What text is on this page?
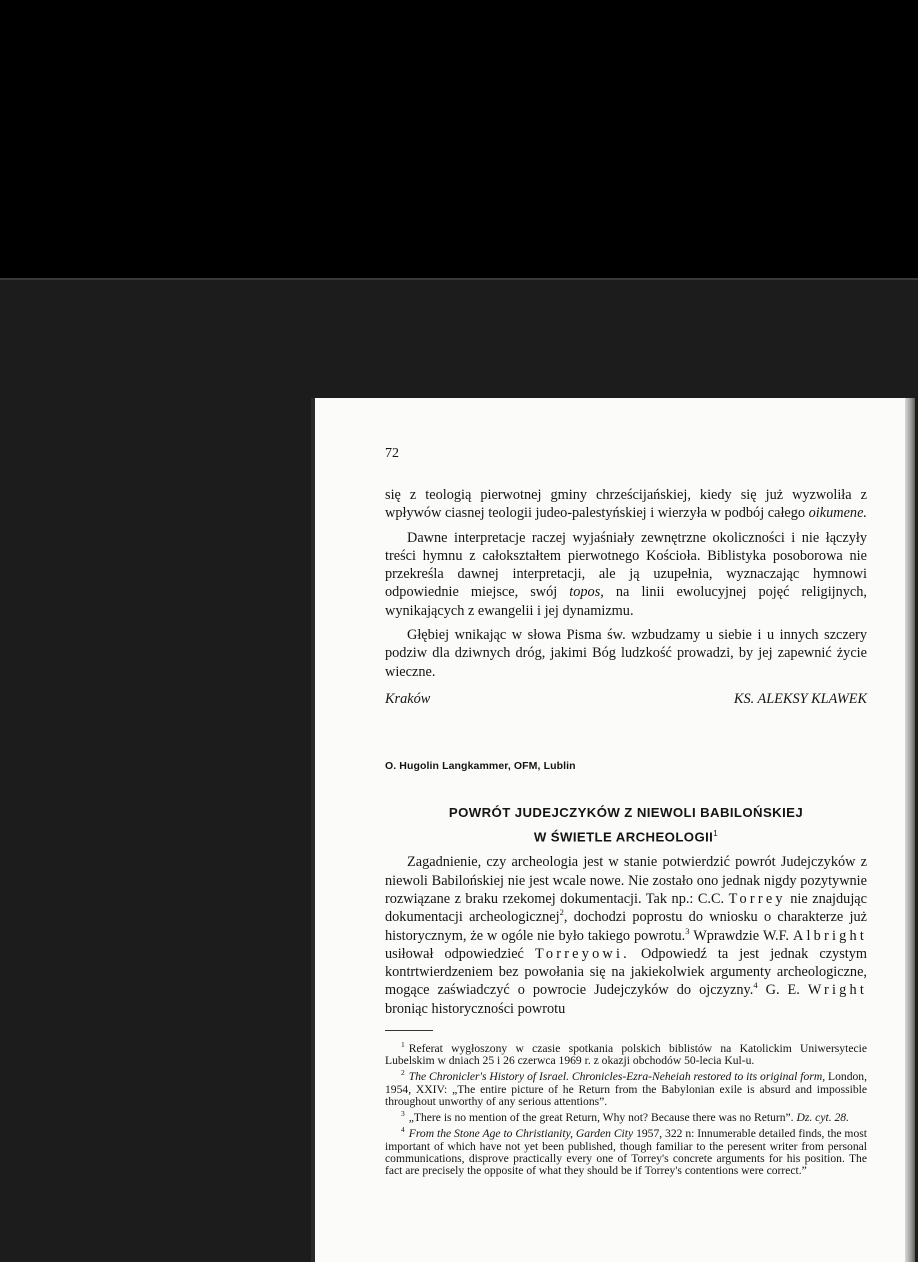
72

się z teologią pierwotnej gminy chrześcijańskiej, kiedy się już wyzwoliła z wpływów ciasnej teologii judeo-palestyńskiej i wierzyła w podbój całego oikumene.

Dawne interpretacje raczej wyjaśniały zewnętrzne okoliczności i nie łączyły treści hymnu z całokształtem pierwotnego Kościoła. Biblistyka posoborowa nie przekreśla dawnej interpretacji, ale ją uzupełnia, wyznaczając hymnowi odpowiednie miejsce, swój topos, na linii ewolucyjnej pojęć religijnych, wynikających z ewangelii i jej dynamizmu.

Głębiej wnikając w słowa Pisma św. wzbudzamy u siebie i u innych szczery podziw dla dziwnych dróg, jakimi Bóg ludzkość prowadzi, by jej zapewnić życie wieczne.

Kraków	KS. ALEKSY KLAWEK
O. Hugolin Langkammer, OFM, Lublin
POWRÓT JUDEJCZYKÓW Z NIEWOLI BABILOŃSKIEJ
W ŚWIETLE ARCHEOLOGII$^1$

Zagadnienie, czy archeologia jest w stanie potwierdzić powrót Judejczyków z niewoli Babilońskiej nie jest wcale nowe. Nie zostało ono jednak nigdy pozytywnie rozwiązane z braku rzekomej dokumentacji. Tak np.: C.C. Torrey nie znajdując dokumentacji archeologicznej$^2$, dochodzi poprostu do wniosku o charakterze już historycznym, że w ogóle nie było takiego powrotu.$^3$ Wprawdzie W.F. Albright usiłował odpowiedzieć Torreyowi. Odpowiedź ta jest jednak czystym kontrtwierdzeniem bez powołania się na jakiekolwiek argumenty archeologiczne, mogące zaświadczyć o powrocie Judejczyków do ojczyzny.$^4$ G. E. Wright broniąc historyczności powrotu

$^1$ Referat wygłoszony w czasie spotkania polskich biblistów na Katolickim Uniwersytecie Lubelskim w dniach 25 i 26 czerwca 1969 r. z okazji obchodów 50-lecia Kul-u.

$^2$ The Chronicler's History of Israel. Chronicles-Ezra-Neheiah restored to its original form, London, 1954, XXIV: „The entire picture of he Return from the Babylonian exile is absurd and impossible throughout unworthy of any serious attentions”.

$^3$ „There is no mention of the great Return, Why not? Because there was no Return”. Dz. cyt. 28.

$^4$ From the Stone Age to Christianity, Garden City 1957, 322 n: Innumerable detailed finds, the most important of which have not yet been published, though familiar to the peresent writer from personal communications, disprove practically every one of Torrey's concrete arguments for his position. The fact are precisely the opposite of what they should be if Torrey's contentions were correct.”
